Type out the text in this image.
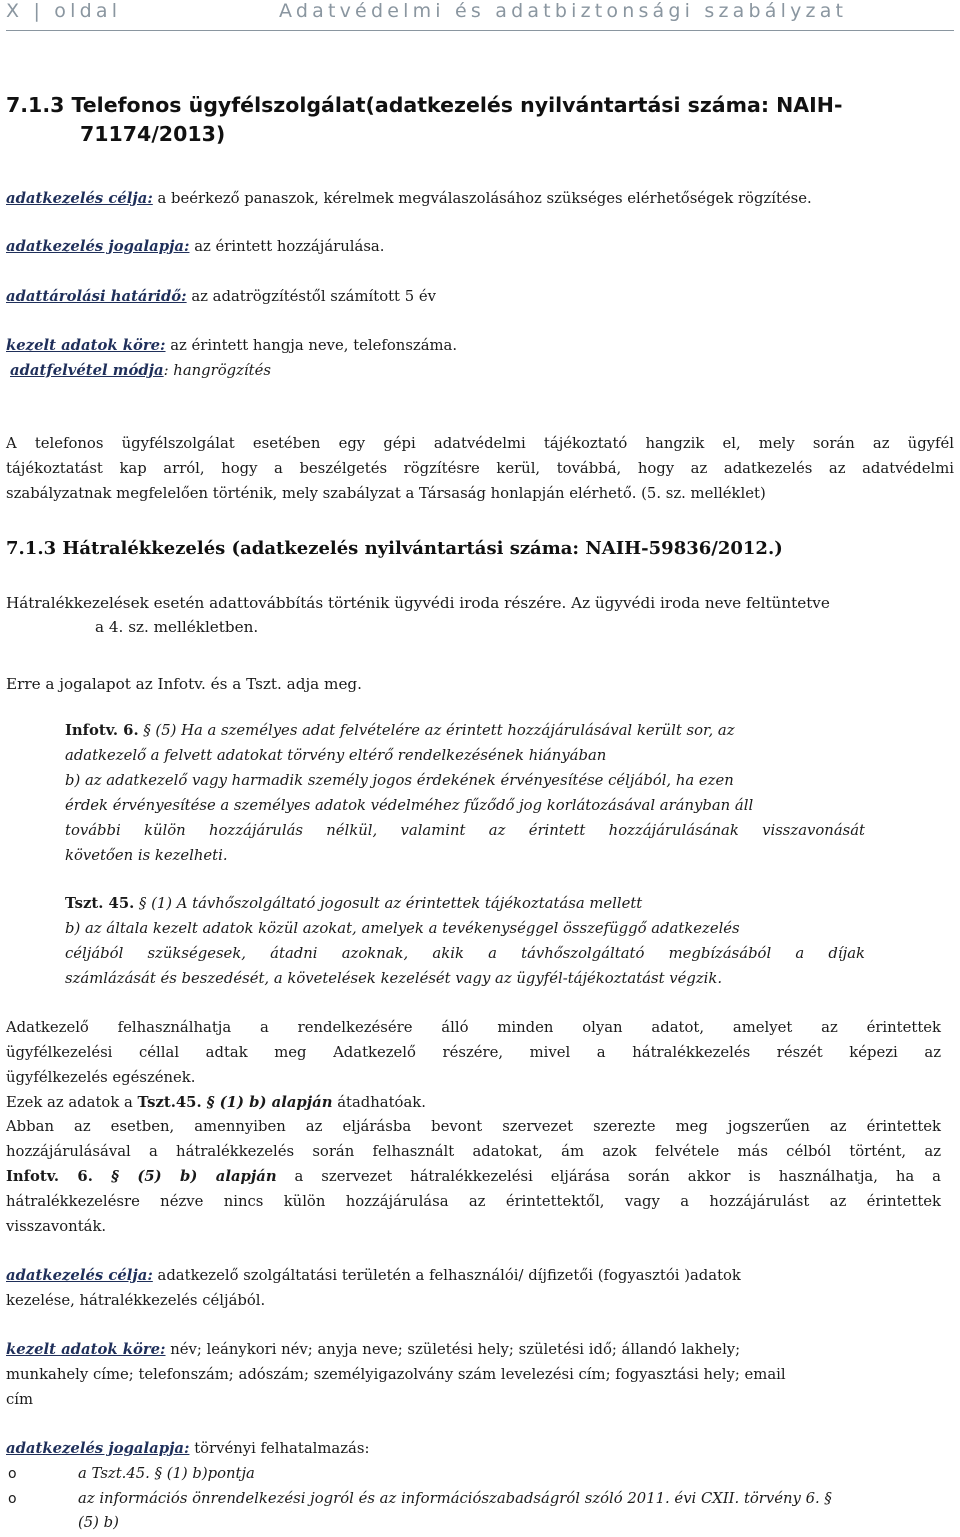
X | oldal	Adatvédelmi és adatbiztonsági szabályzat
7.1.3 Telefonos ügyfélszolgálat(adatkezelés nyilvántartási száma: NAIH-
71174/2013)
adatkezelés célja: a beérkező panaszok, kérelmek megválaszolásához szükséges elérhetőségek rögzítése.
adatkezelés jogalapja: az érintett hozzájárulása.
adattárolási határidő: az adatrögzítéstől számított 5 év
kezelt adatok köre: az érintett hangja neve, telefonszáma.
adatfelvétel módja: hangrögzítés
A telefonos ügyfélszolgálat esetében egy gépi adatvédelmi tájékoztató hangzik el, mely során az ügyfél
tájékoztatást kap arról, hogy a beszélgetés rögzítésre kerül, továbbá, hogy az adatkezelés az adatvédelmi
szabályzatnak megfelelően történik, mely szabályzat a Társaság honlapján elérhető. (5. sz. melléklet)
7.1.3 Hátralékkezelés (adatkezelés nyilvántartási száma: NAIH-59836/2012.)
Hátralékkezelések esetén adattovábbítás történik ügyvédi iroda részére. Az ügyvédi iroda neve feltüntetve
a 4. sz. mellékletben.
Erre a jogalapot az Infotv. és a Tszt. adja meg.
Infotv. 6. § (5) Ha a személyes adat felvételére az érintett hozzájárulásával került sor, az
adatkezelő a felvett adatokat törvény eltérő rendelkezésének hiányában
b) az adatkezelő vagy harmadik személy jogos érdekének érvényesítése céljából, ha ezen
érdek érvényesítése a személyes adatok védelméhez fűződő jog korlátozásával arányban áll
további külön hozzájárulás nélkül, valamint az érintett hozzájárulásának visszavonását
követően is kezelheti.
Tszt. 45. § (1) A távhőszolgáltató jogosult az érintettek tájékoztatása mellett
b) az általa kezelt adatok közül azokat, amelyek a tevékenységgel összefüggő adatkezelés
céljából szükségesek, átadni azoknak, akik a távhőszolgáltató megbízásából a díjak
számlázását és beszedését, a követelések kezelését vagy az ügyfél-tájékoztatást végzik.
Adatkezelő felhasználhatja a rendelkezésére álló minden olyan adatot, amelyet az érintettek
ügyfélkezelési céllal adtak meg Adatkezelő részére, mivel a hátralékkezelés részét képezi az
ügyfélkezelés egészének.
Ezek az adatok a Tszt.45. § (1) b) alapján átadhatóak.
Abban az esetben, amennyiben az eljárásba bevont szervezet szerezte meg jogszerűen az érintettek
hozzájárulásával a hátralékkezelés során felhasznált adatokat, ám azok felvétele más célból történt, az
Infotv. 6. § (5) b) alapján a szervezet hátralékkezelési eljárása során akkor is használhatja, ha a
hátralékkezelésre nézve nincs külön hozzájárulása az érintettektől, vagy a hozzájárulást az érintettek
visszavonták.
adatkezelés célja: adatkezelő szolgáltatási területén a felhasználói/ díjfizetői (fogyasztói )adatok
kezelése, hátralékkezelés céljából.
kezelt adatok köre: név; leánykori név; anyja neve; születési hely; születési idő; állandó lakhely;
munkahely címe; telefonszám; adószám; személyigazolvány szám levelezési cím; fogyasztási hely; email
cím
adatkezelés jogalapja: törvényi felhatalmazás:
o	a Tszt.45. § (1) b)pontja
o	az információs önrendelkezési jogról és az információszabadságról szóló 2011. évi CXII. törvény 6. §
(5) b)
